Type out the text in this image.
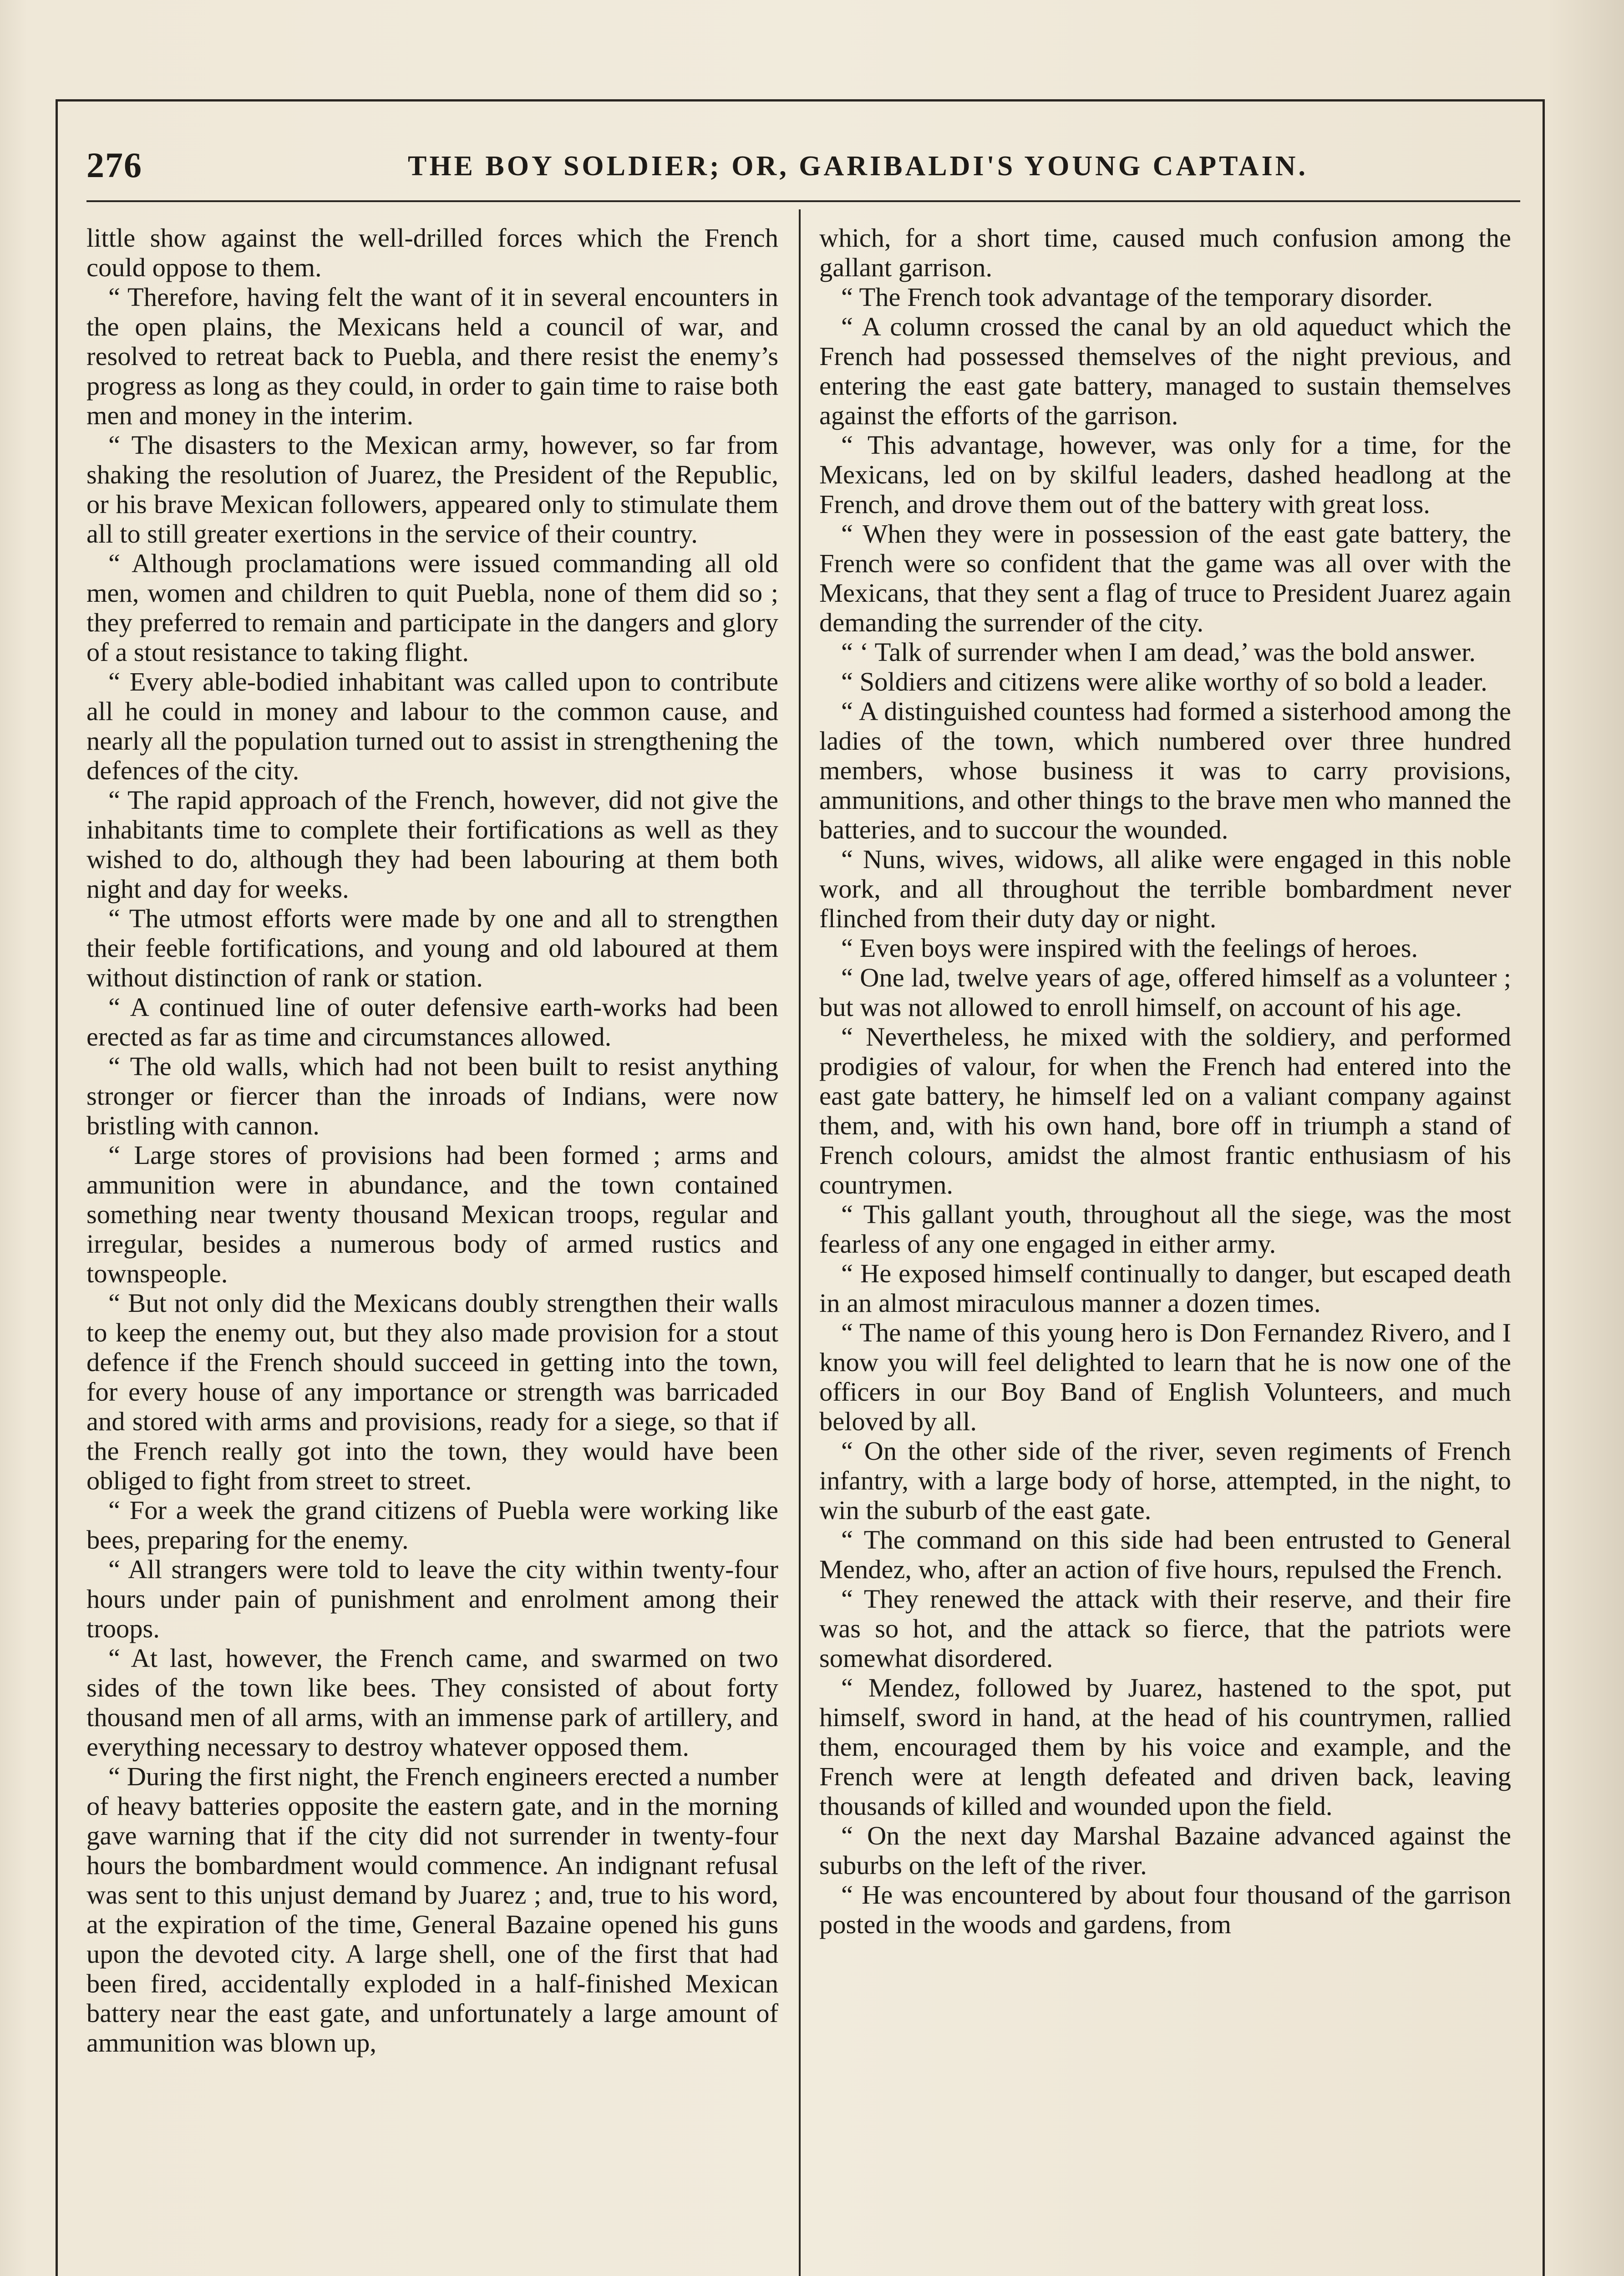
276	THE BOY SOLDIER; OR, GARIBALDI'S YOUNG CAPTAIN.

little show against the well-drilled forces which the French could oppose to them.

“ Therefore, having felt the want of it in several encounters in the open plains, the Mexicans held a council of war, and resolved to retreat back to Puebla, and there resist the enemy’s progress as long as they could, in order to gain time to raise both men and money in the interim.

“ The disasters to the Mexican army, however, so far from shaking the resolution of Juarez, the President of the Republic, or his brave Mexican followers, appeared only to stimulate them all to still greater exertions in the service of their country.

“ Although proclamations were issued commanding all old men, women and children to quit Puebla, none of them did so ; they preferred to remain and participate in the dangers and glory of a stout resistance to taking flight.

“ Every able-bodied inhabitant was called upon to contribute all he could in money and labour to the common cause, and nearly all the population turned out to assist in strengthening the defences of the city.

“ The rapid approach of the French, however, did not give the inhabitants time to complete their fortifications as well as they wished to do, although they had been labouring at them both night and day for weeks.

“ The utmost efforts were made by one and all to strengthen their feeble fortifications, and young and old laboured at them without distinction of rank or station.

“ A continued line of outer defensive earth-works had been erected as far as time and circumstances allowed.

“ The old walls, which had not been built to resist anything stronger or fiercer than the inroads of Indians, were now bristling with cannon.

“ Large stores of provisions had been formed ; arms and ammunition were in abundance, and the town contained something near twenty thousand Mexican troops, regular and irregular, besides a numerous body of armed rustics and townspeople.

“ But not only did the Mexicans doubly strengthen their walls to keep the enemy out, but they also made provision for a stout defence if the French should succeed in getting into the town, for every house of any importance or strength was barricaded and stored with arms and provisions, ready for a siege, so that if the French really got into the town, they would have been obliged to fight from street to street.

“ For a week the grand citizens of Puebla were working like bees, preparing for the enemy.

“ All strangers were told to leave the city within twenty-four hours under pain of punishment and enrolment among their troops.

“ At last, however, the French came, and swarmed on two sides of the town like bees. They consisted of about forty thousand men of all arms, with an immense park of artillery, and everything necessary to destroy whatever opposed them.

“ During the first night, the French engineers erected a number of heavy batteries opposite the eastern gate, and in the morning gave warning that if the city did not surrender in twenty-four hours the bombardment would commence. An indignant refusal was sent to this unjust demand by Juarez ; and, true to his word, at the expiration of the time, General Bazaine opened his guns upon the devoted city. A large shell, one of the first that had been fired, accidentally exploded in a half-finished Mexican battery near the east gate, and unfortunately a large amount of ammunition was blown up,

which, for a short time, caused much confusion among the gallant garrison.

“ The French took advantage of the temporary disorder.

“ A column crossed the canal by an old aqueduct which the French had possessed themselves of the night previous, and entering the east gate battery, managed to sustain themselves against the efforts of the garrison.

“ This advantage, however, was only for a time, for the Mexicans, led on by skilful leaders, dashed headlong at the French, and drove them out of the battery with great loss.

“ When they were in possession of the east gate battery, the French were so confident that the game was all over with the Mexicans, that they sent a flag of truce to President Juarez again demanding the surrender of the city.

“ ‘ Talk of surrender when I am dead,’ was the bold answer.

“ Soldiers and citizens were alike worthy of so bold a leader.

“ A distinguished countess had formed a sisterhood among the ladies of the town, which numbered over three hundred members, whose business it was to carry provisions, ammunitions, and other things to the brave men who manned the batteries, and to succour the wounded.

“ Nuns, wives, widows, all alike were engaged in this noble work, and all throughout the terrible bombardment never flinched from their duty day or night.

“ Even boys were inspired with the feelings of heroes.

“ One lad, twelve years of age, offered himself as a volunteer ; but was not allowed to enroll himself, on account of his age.

“ Nevertheless, he mixed with the soldiery, and performed prodigies of valour, for when the French had entered into the east gate battery, he himself led on a valiant company against them, and, with his own hand, bore off in triumph a stand of French colours, amidst the almost frantic enthusiasm of his countrymen.

“ This gallant youth, throughout all the siege, was the most fearless of any one engaged in either army.

“ He exposed himself continually to danger, but escaped death in an almost miraculous manner a dozen times.

“ The name of this young hero is Don Fernandez Rivero, and I know you will feel delighted to learn that he is now one of the officers in our Boy Band of English Volunteers, and much beloved by all.

“ On the other side of the river, seven regiments of French infantry, with a large body of horse, attempted, in the night, to win the suburb of the east gate.

“ The command on this side had been entrusted to General Mendez, who, after an action of five hours, repulsed the French.

“ They renewed the attack with their reserve, and their fire was so hot, and the attack so fierce, that the patriots were somewhat disordered.

“ Mendez, followed by Juarez, hastened to the spot, put himself, sword in hand, at the head of his countrymen, rallied them, encouraged them by his voice and example, and the French were at length defeated and driven back, leaving thousands of killed and wounded upon the field.

“ On the next day Marshal Bazaine advanced against the suburbs on the left of the river.

“ He was encountered by about four thousand of the garrison posted in the woods and gardens, from
